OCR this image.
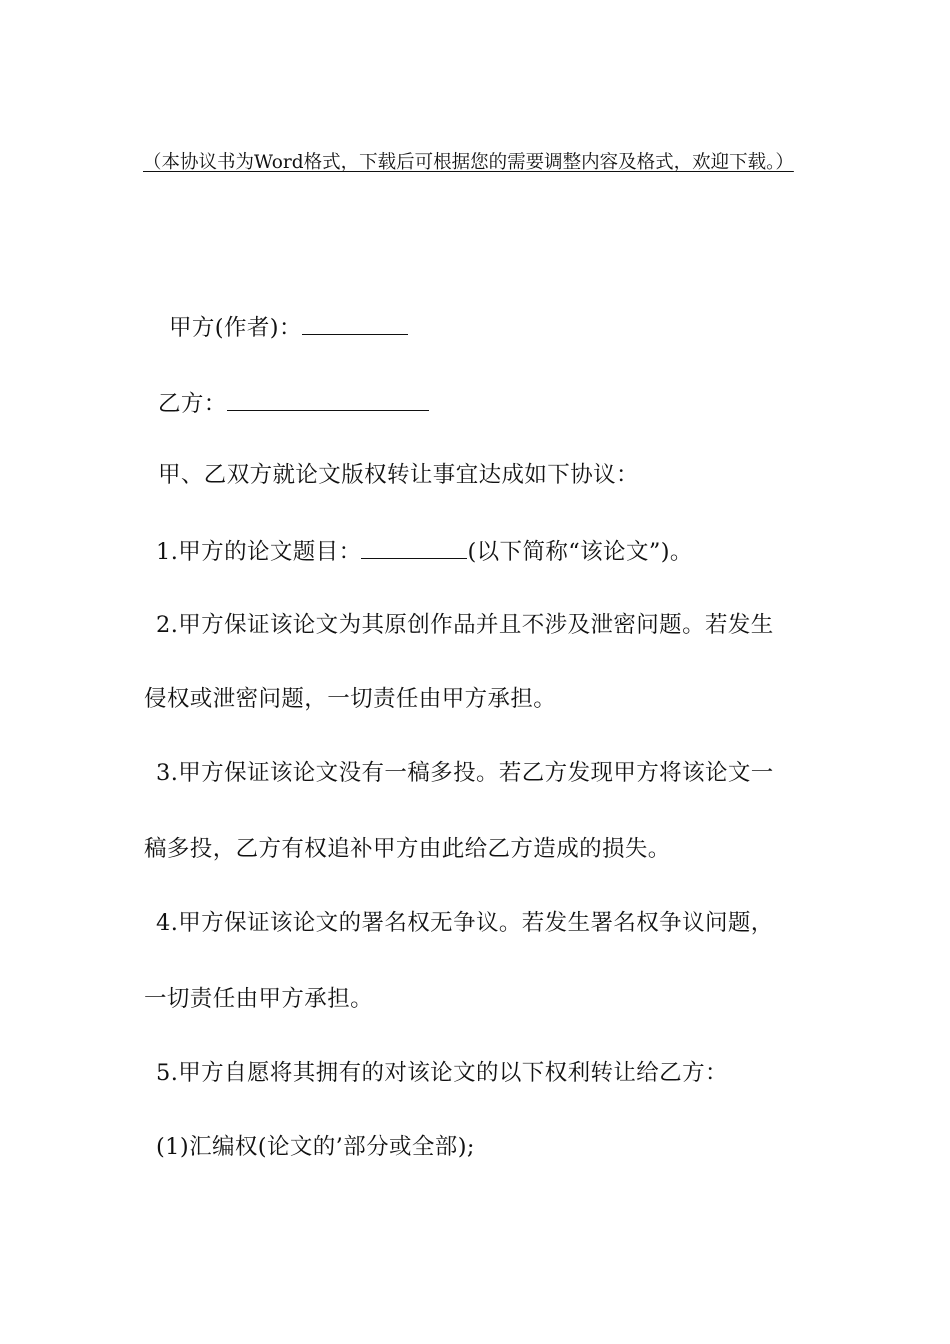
（本协议书为Word格式，下载后可根据您的需要调整内容及格式，欢迎下载。）
甲方(作者)：
乙方：
甲、乙双方就论文版权转让事宜达成如下协议：
1.甲方的论文题目：	(以下简称“该论文”)。
2.甲方保证该论文为其原创作品并且不涉及泄密问题。若发生
侵权或泄密问题，一切责任由甲方承担。
3.甲方保证该论文没有一稿多投。若乙方发现甲方将该论文一
稿多投，乙方有权追补甲方由此给乙方造成的损失。
4.甲方保证该论文的署名权无争议。若发生署名权争议问题，
一切责任由甲方承担。
5.甲方自愿将其拥有的对该论文的以下权利转让给乙方：
(1)汇编权(论文的’部分或全部);
